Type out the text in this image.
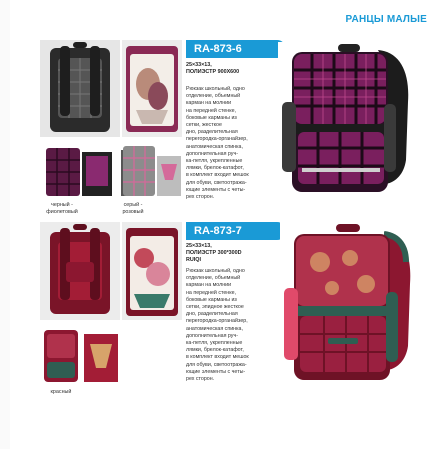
РАНЦЫ МАЛЫЕ
RA-873-6
25×33×13,
ПОЛИЭСТР 900Х600
Рюкзак школьный, одно
отделение, объемный
карман на молнии
на передней стенке,
боковые карманы из
сетки, жесткое
дно, разделительная
перегородка-органайзер,
анатомическая спинка,
дополнительная руч-
ка-петля, укрепленные
лямки, брелок-катафот,
в комплект входит мешок
для обуви, светоотража-
ющие элементы с четы-
рех сторон.
черный -
фиолетовый
серый -
розовый
RA-873-7
25×33×13,
ПОЛИЭСТР 300*300D
RUIQI
Рюкзак школьный, одно
отделение, объемный
карман на молнии
на передней стенке,
боковые карманы из
сетки, эпидное жесткое
дно, разделительная
перегородка-органайзер,
анатомическая спинка,
дополнительная руч-
ка-петля, укрепленные
лямки, брелок-катафот,
в комплект входит мешок
для обуви, светоотража-
ющие элементы с четы-
рех сторон.
красный
